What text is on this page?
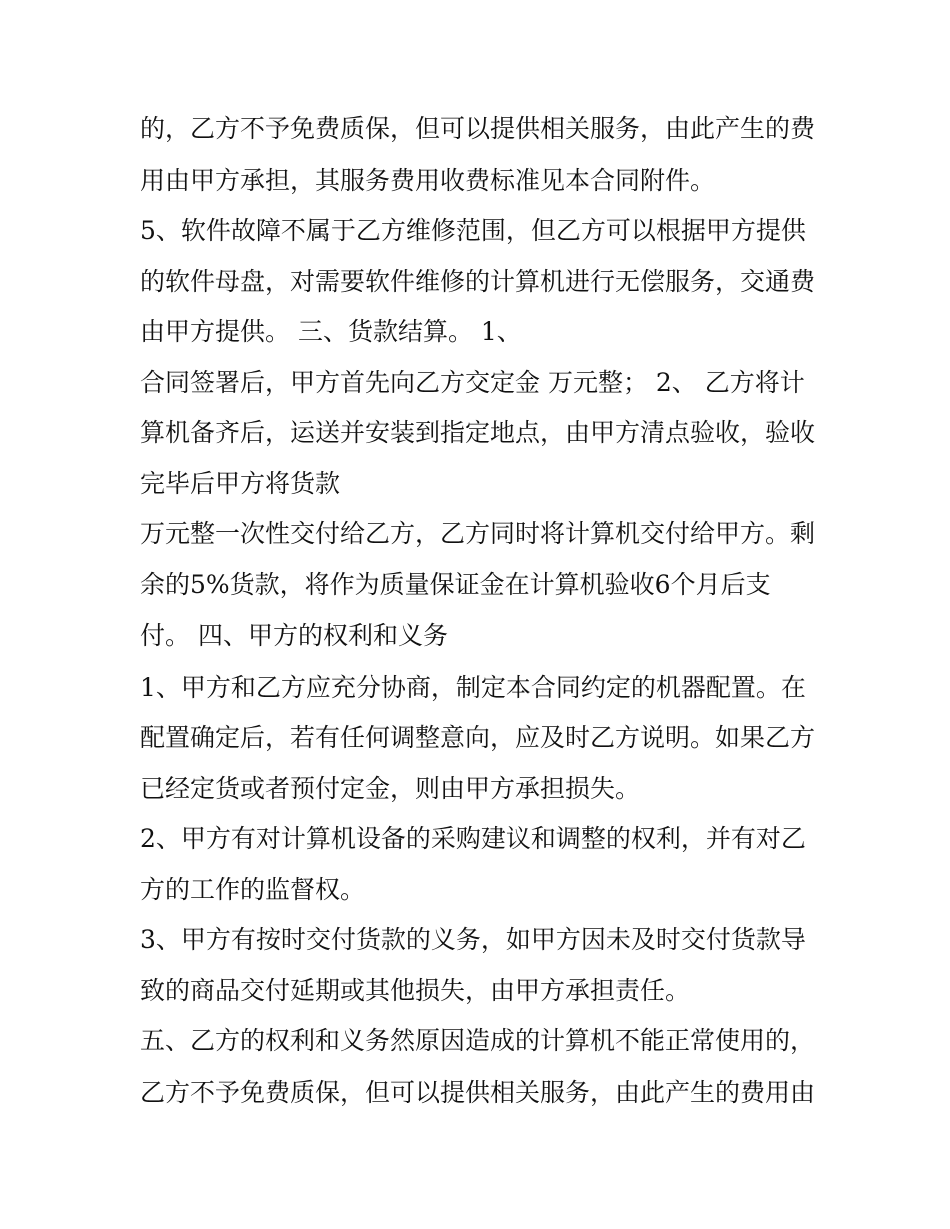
的，乙方不予免费质保，但可以提供相关服务，由此产生的费

用由甲方承担，其服务费用收费标准见本合同附件。

5、软件故障不属于乙方维修范围，但乙方可以根据甲方提供

的软件母盘，对需要软件维修的计算机进行无偿服务，交通费

由甲方提供。 三、货款结算。 1、

合同签署后，甲方首先向乙方交定金 万元整； 2、 乙方将计

算机备齐后，运送并安装到指定地点，由甲方清点验收，验收

完毕后甲方将货款

万元整一次性交付给乙方，乙方同时将计算机交付给甲方。剩

余的5%货款，将作为质量保证金在计算机验收6个月后支

付。 四、甲方的权利和义务

1、甲方和乙方应充分协商，制定本合同约定的机器配置。在

配置确定后，若有任何调整意向，应及时乙方说明。如果乙方

已经定货或者预付定金，则由甲方承担损失。

2、甲方有对计算机设备的采购建议和调整的权利，并有对乙

方的工作的监督权。

3、甲方有按时交付货款的义务，如甲方因未及时交付货款导

致的商品交付延期或其他损失，由甲方承担责任。

五、乙方的权利和义务然原因造成的计算机不能正常使用的，

乙方不予免费质保，但可以提供相关服务，由此产生的费用由
